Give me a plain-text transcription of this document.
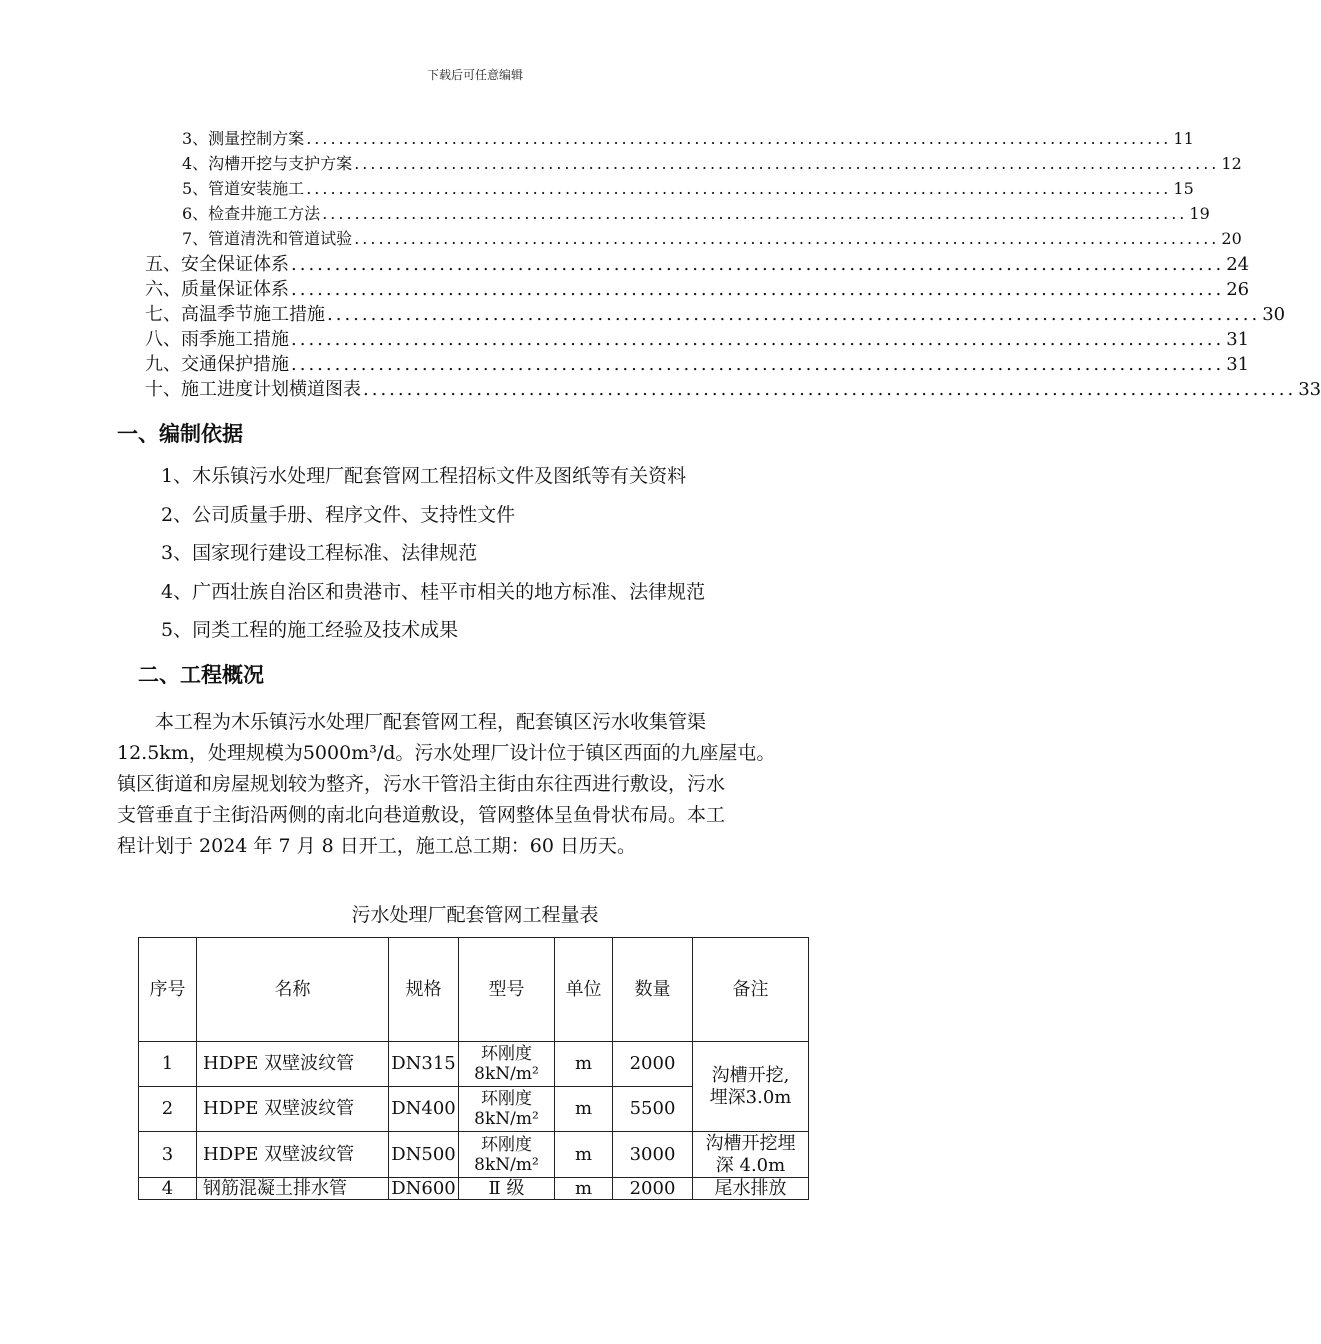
下载后可任意编辑
3、测量控制方案 ........................................................................................................... 11
4、沟槽开挖与支护方案 ........................................................................................................... 12
5、管道安装施工 ........................................................................................................... 15
6、检查井施工方法 ........................................................................................................... 19
7、管道清洗和管道试验 ........................................................................................................... 20
五、安全保证体系 ........................................................................................................... 24
六、质量保证体系 ........................................................................................................... 26
七、高温季节施工措施 ........................................................................................................... 30
八、雨季施工措施 ........................................................................................................... 31
九、交通保护措施 ........................................................................................................... 31
十、施工进度计划横道图表 ........................................................................................................... 33
一、编制依据
1、木乐镇污水处理厂配套管网工程招标文件及图纸等有关资料
2、公司质量手册、程序文件、支持性文件
3、国家现行建设工程标准、法律规范
4、广西壮族自治区和贵港市、桂平市相关的地方标准、法律规范
5、同类工程的施工经验及技术成果
二、工程概况
　　本工程为木乐镇污水处理厂配套管网工程，配套镇区污水收集管渠
12.5km，处理规模为5000m³/d。污水处理厂设计位于镇区西面的九座屋屯。
镇区街道和房屋规划较为整齐，污水干管沿主街由东往西进行敷设，污水
支管垂直于主街沿两侧的南北向巷道敷设，管网整体呈鱼骨状布局。本工
程计划于 2024 年 7 月 8 日开工，施工总工期：60 日历天。
污水处理厂配套管网工程量表
序号	名称	规格	型号	单位	数量	备注
1	HDPE 双壁波纹管	DN315	环刚度
8kN/m²	m	2000	沟槽开挖,埋深3.0m
2	HDPE 双壁波纹管	DN400	环刚度
8kN/m²	m	5500	
3	HDPE 双壁波纹管	DN500	环刚度
8kN/m²	m	3000	沟槽开挖埋深 4.0m
4	钢筋混凝土排水管	DN600	Ⅱ 级	m	2000	尾水排放
